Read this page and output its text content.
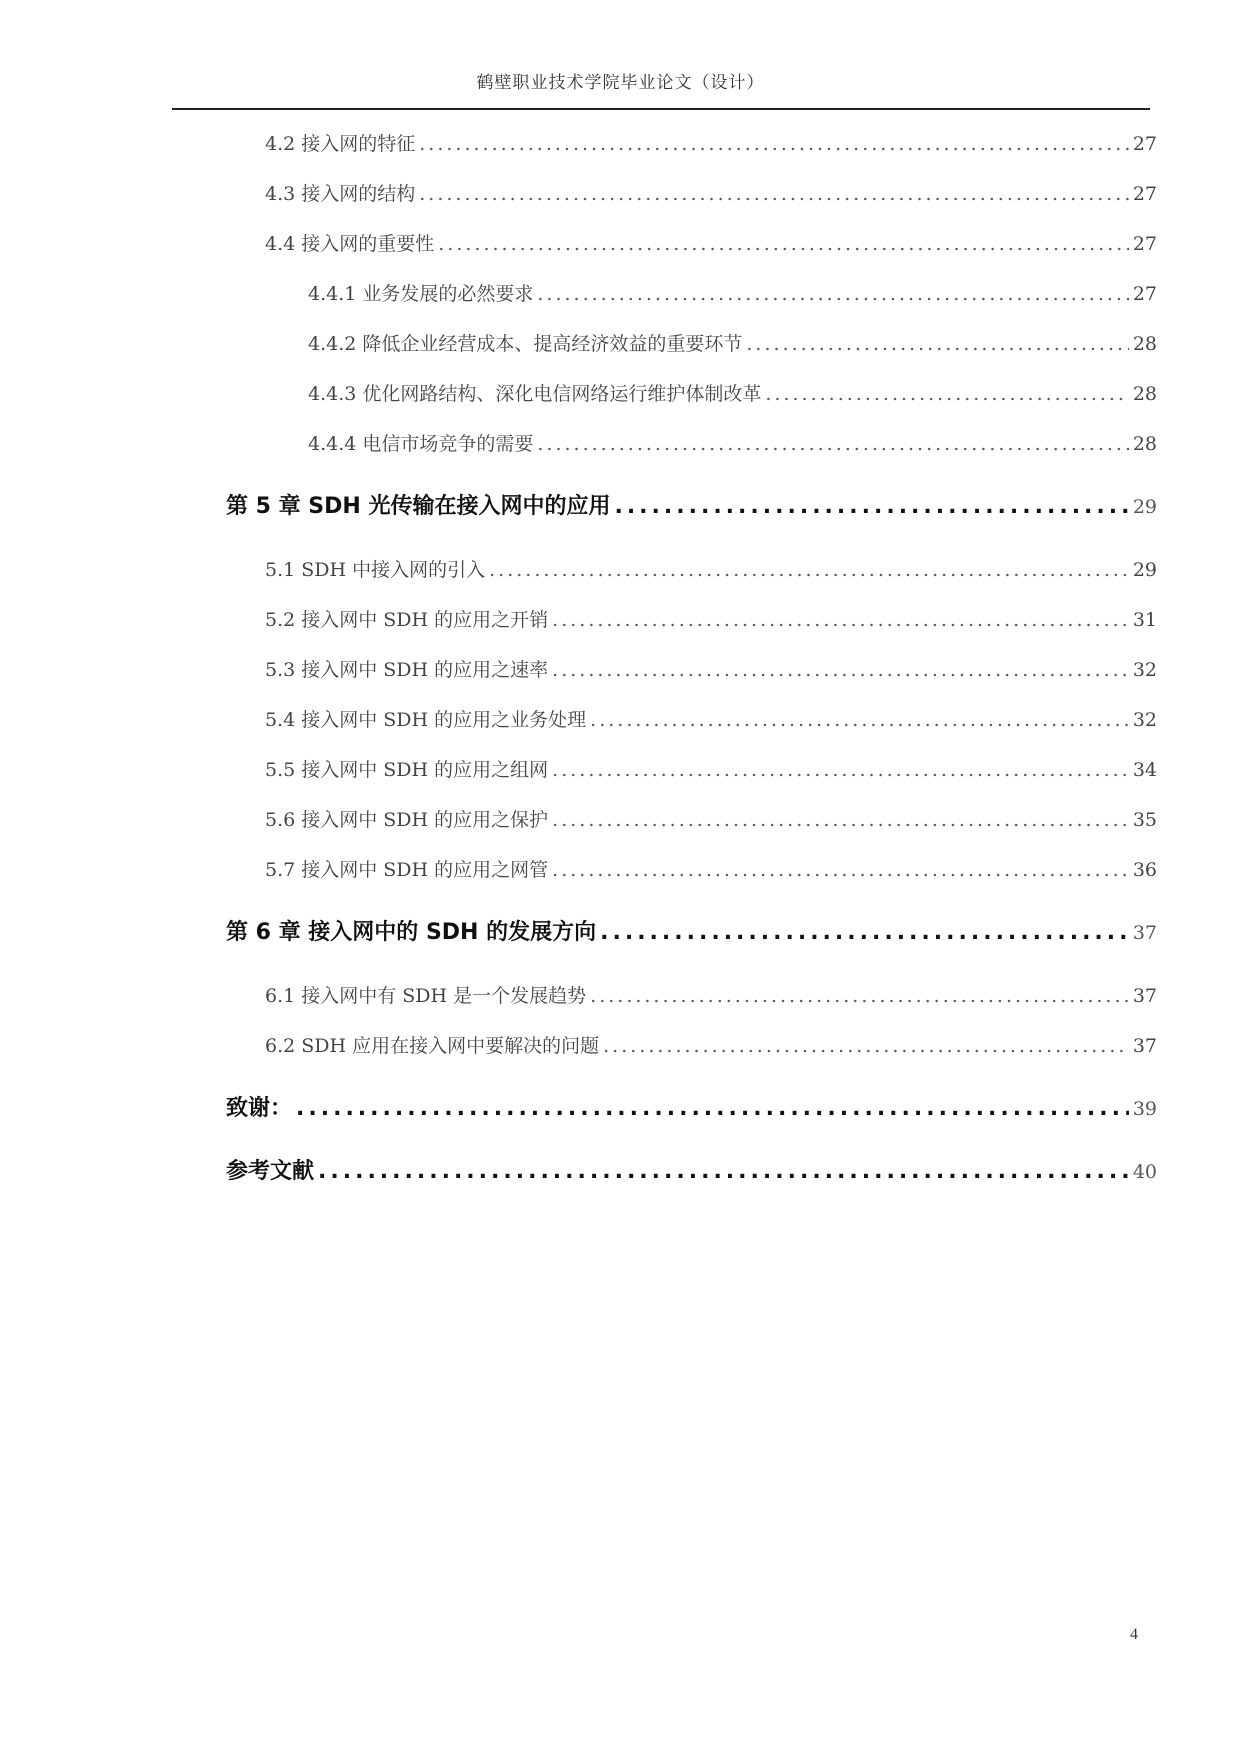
鹤壁职业技术学院毕业论文（设计）
4.2 接入网的特征 .....	27
4.3 接入网的结构 .....	27
4.4 接入网的重要性 .....	27
4.4.1 业务发展的必然要求 .....	27
4.4.2 降低企业经营成本、提高经济效益的重要环节 .....	28
4.4.3 优化网路结构、深化电信网络运行维护体制改革 .....	28
4.4.4 电信市场竞争的需要 .....	28
第 5 章 SDH 光传输在接入网中的应用 .....	29
5.1 SDH 中接入网的引入 .....	29
5.2 接入网中 SDH 的应用之开销 .....	31
5.3 接入网中 SDH 的应用之速率 .....	32
5.4 接入网中 SDH 的应用之业务处理 .....	32
5.5 接入网中 SDH 的应用之组网 .....	34
5.6 接入网中 SDH 的应用之保护 .....	35
5.7 接入网中 SDH 的应用之网管 .....	36
第 6 章 接入网中的 SDH 的发展方向 .....	37
6.1 接入网中有 SDH 是一个发展趋势 .....	37
6.2 SDH 应用在接入网中要解决的问题 .....	37
致谢： .....	39
参考文献 .....	40
4
